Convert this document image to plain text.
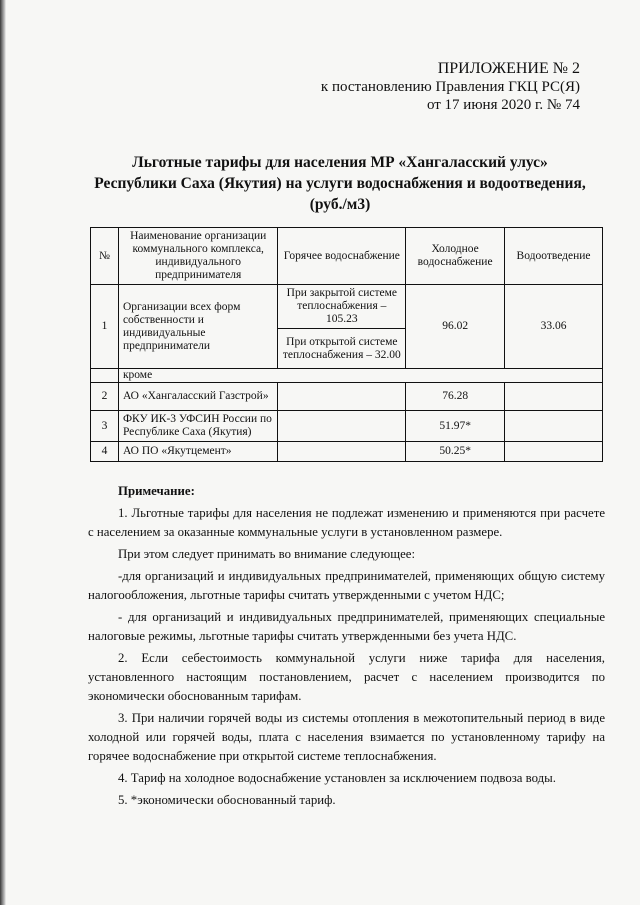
ПРИЛОЖЕНИЕ № 2
к постановлению Правления ГКЦ РС(Я)
от 17 июня 2020 г. № 74
Льготные тарифы для населения МР «Хангаласский улус»
Республики Саха (Якутия) на услуги водоснабжения и водоотведения,
(руб./м3)
№	Наименование организации коммунального комплекса, индивидуального предпринимателя	Горячее водоснабжение	Холодное водоснабжение	Водоотведение
1	Организации всех форм собственности и индивидуальные предприниматели	При закрытой системе теплоснабжения – 105.23	96.02	33.06
		При открытой системе теплоснабжения – 32.00		
	кроме			
2	АО «Хангаласский Газстрой»		76.28	
3	ФКУ ИК-3 УФСИН России по Республике Саха (Якутия)		51.97*	
4	АО ПО «Якутцемент»		50.25*	
Примечание:

1. Льготные тарифы для населения не подлежат изменению и применяются при расчете с населением за оказанные коммунальные услуги в установленном размере.

При этом следует принимать во внимание следующее:

-для организаций и индивидуальных предпринимателей, применяющих общую систему налогообложения, льготные тарифы считать утвержденными с учетом НДС;

- для организаций и индивидуальных предпринимателей, применяющих специальные налоговые режимы, льготные тарифы считать утвержденными без учета НДС.

2. Если себестоимость коммунальной услуги ниже тарифа для населения, установленного настоящим постановлением, расчет с населением производится по экономически обоснованным тарифам.

3. При наличии горячей воды из системы отопления в межотопительный период в виде холодной или горячей воды, плата с населения взимается по установленному тарифу на горячее водоснабжение при открытой системе теплоснабжения.

4. Тариф на холодное водоснабжение установлен за исключением подвоза воды.

5. *экономически обоснованный тариф.
